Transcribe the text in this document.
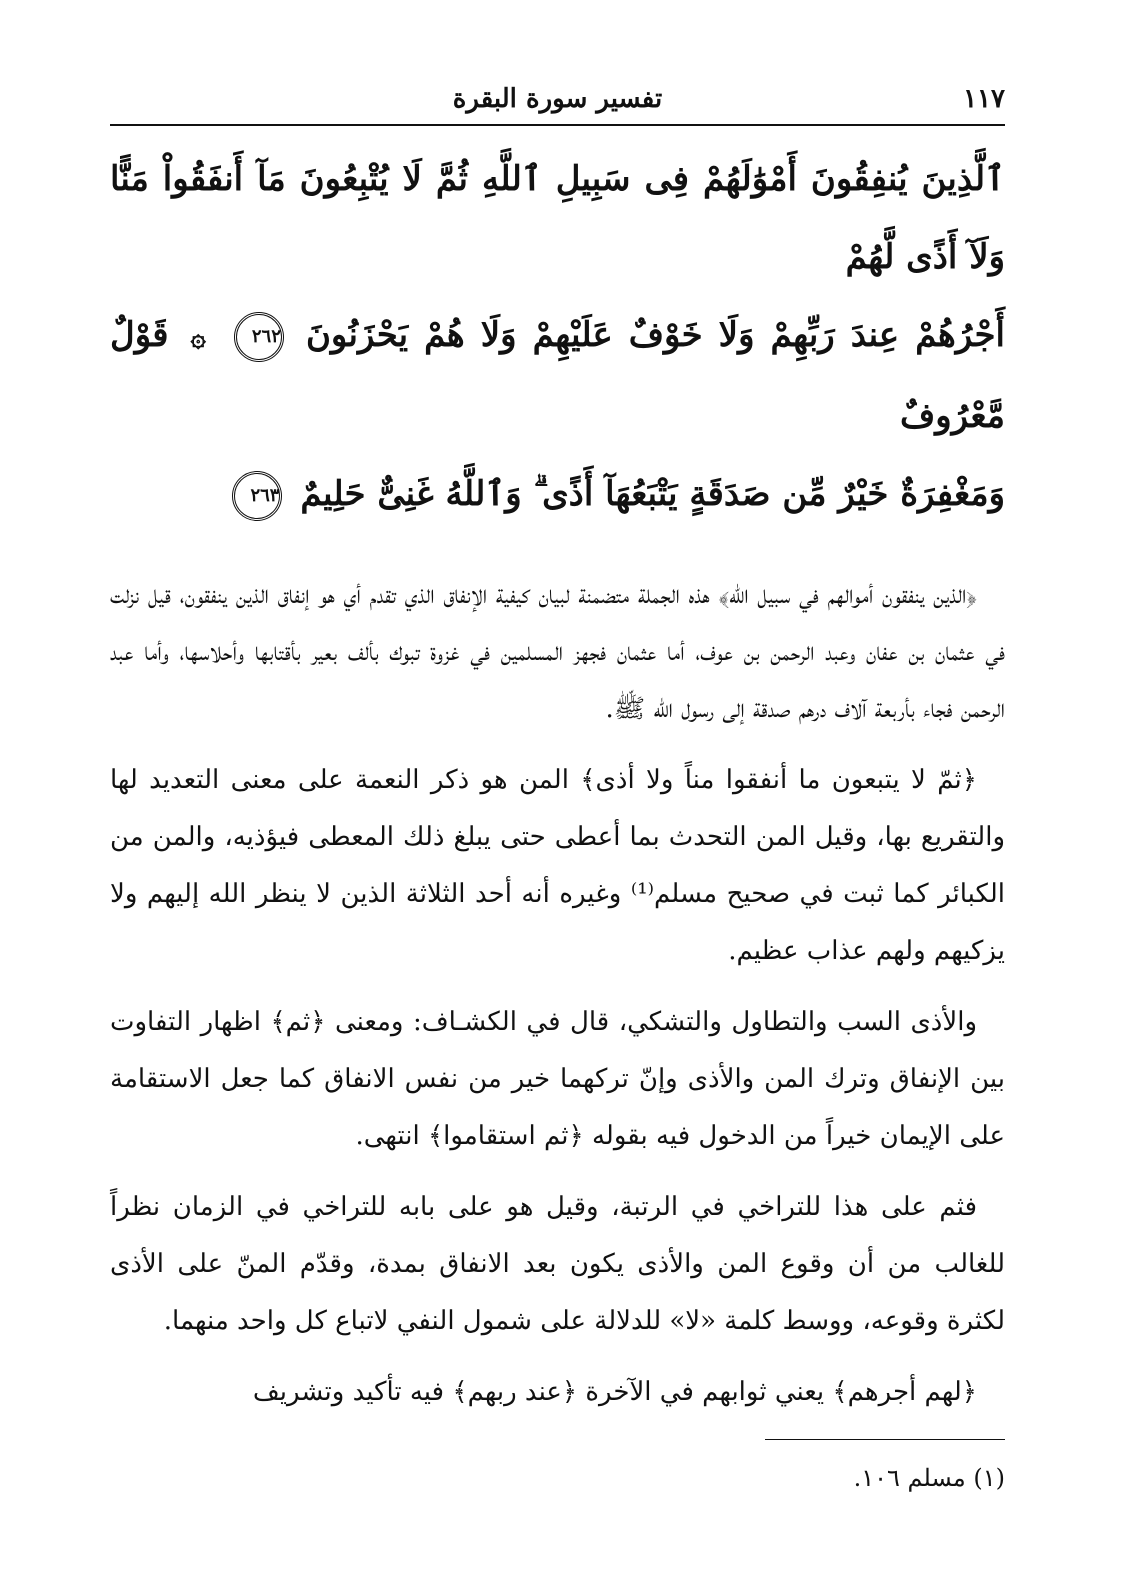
١١٧
تفسير سورة البقرة
ٱلَّذِينَ يُنفِقُونَ أَمْوَٰلَهُمْ فِى سَبِيلِ ٱللَّهِ ثُمَّ لَا يُتْبِعُونَ مَآ أَنفَقُواْ مَنًّا وَلَآ أَذًى لَّهُمْ
أَجْرُهُمْ عِندَ رَبِّهِمْ وَلَا خَوْفٌ عَلَيْهِمْ وَلَا هُمْ يَحْزَنُونَ ٢٦٢ ۞ قَوْلٌ مَّعْرُوفٌ
وَمَغْفِرَةٌ خَيْرٌ مِّن صَدَقَةٍ يَتْبَعُهَآ أَذًى ۗ وَٱللَّهُ غَنِىٌّ حَلِيمٌ ٢٦٣

﴿الذين ينفقون أموالهم في سبيل الله﴾ هذه الجملة متضمنة لبيان كيفية الإنفاق الذي تقدم أي هو إنفاق الذين ينفقون، قيل نزلت في عثمان بن عفان وعبد الرحمن بن عوف، أما عثمان فجهز المسلمين في غزوة تبوك بألف بعير بأقتابها وأحلاسها، وأما عبد الرحمن فجاء بأربعة آلاف درهم صدقة إلى رسول الله ﷺ.

﴿ثمّ لا يتبعون ما أنفقوا مناً ولا أذى﴾ المن هو ذكر النعمة على معنى التعديد لها والتقريع بها، وقيل المن التحدث بما أعطى حتى يبلغ ذلك المعطى فيؤذيه، والمن من الكبائر كما ثبت في صحيح مسلم⁽¹⁾ وغيره أنه أحد الثلاثة الذين لا ينظر الله إليهم ولا يزكيهم ولهم عذاب عظيم.

والأذى السب والتطاول والتشكي، قال في الكشـاف: ومعنى ﴿ثم﴾ اظهار التفاوت بين الإنفاق وترك المن والأذى وإنّ تركهما خير من نفس الانفاق كما جعل الاستقامة على الإيمان خيراً من الدخول فيه بقوله ﴿ثم استقاموا﴾ انتهى.

فثم على هذا للتراخي في الرتبة، وقيل هو على بابه للتراخي في الزمان نظراً للغالب من أن وقوع المن والأذى يكون بعد الانفاق بمدة، وقدّم المنّ على الأذى لكثرة وقوعه، ووسط كلمة «لا» للدلالة على شمول النفي لاتباع كل واحد منهما.

﴿لهم أجرهم﴾ يعني ثوابهم في الآخرة ﴿عند ربهم﴾ فيه تأكيد وتشريف

(١) مسلم ١٠٦.
